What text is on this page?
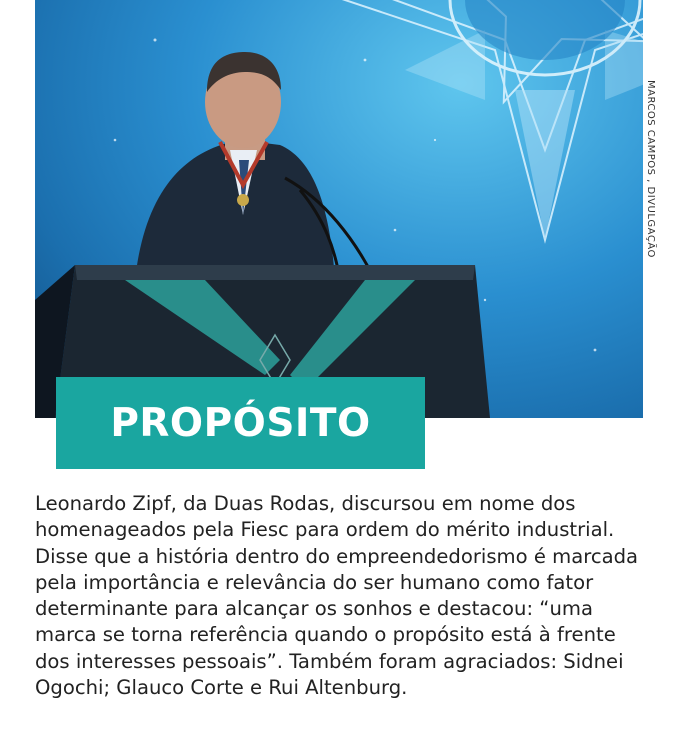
MARCOS CAMPOS , DIVULGAÇÃO
PROPÓSITO

Leonardo Zipf, da Duas Rodas, discursou em nome dos homenageados pela Fiesc para ordem do mérito industrial. Disse que a história dentro do empreendedorismo é marcada pela importância e relevância do ser humano como fator determinante para alcançar os sonhos e destacou: “uma marca se torna referência quando o propósito está à frente dos interesses pessoais”. Também foram agraciados: Sidnei Ogochi; Glauco Corte e Rui Altenburg.
